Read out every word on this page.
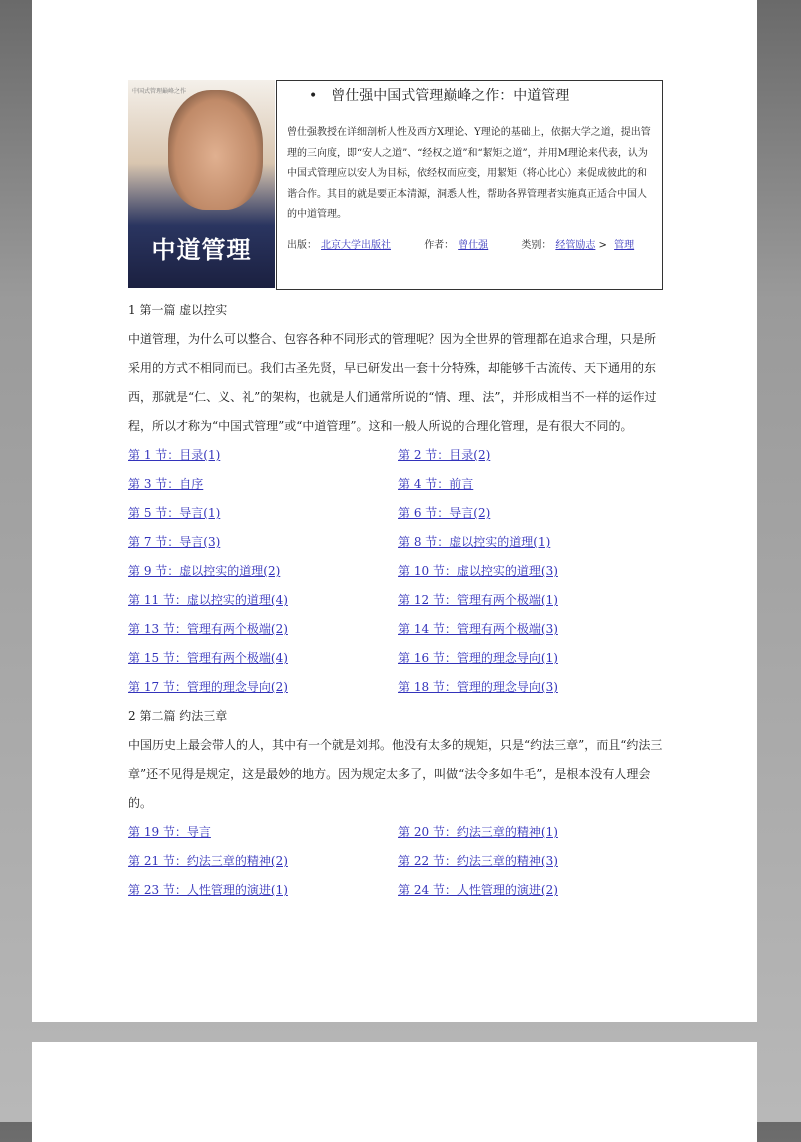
中国式管理巅峰之作
中道管理
• 曾仕强中国式管理巅峰之作：中道管理

曾仕强教授在详细剖析人性及西方X理论、Y理论的基础上，依据大学之道，提出管理的三向度，即“安人之道”、“经权之道”和“絜矩之道”，并用M理论来代表，认为中国式管理应以安人为目标，依经权而应变，用絜矩（将心比心）来促成彼此的和谐合作。其目的就是要正本清源，洞悉人性，帮助各界管理者实施真正适合中国人的中道管理。

出版： 北京大学出版社	作者： 曾仕强	类别： 经管励志 > 管理
1 第一篇 虚以控实
中道管理，为什么可以整合、包容各种不同形式的管理呢？因为全世界的管理都在追求合理，只是所采用的方式不相同而已。我们古圣先贤，早已研发出一套十分特殊，却能够千古流传、天下通用的东西，那就是“仁、义、礼”的架构，也就是人们通常所说的“情、理、法”，并形成相当不一样的运作过程，所以才称为“中国式管理”或“中道管理”。这和一般人所说的合理化管理，是有很大不同的。
第 1 节：目录(1)	第 2 节：目录(2)
第 3 节：自序	第 4 节：前言
第 5 节：导言(1)	第 6 节：导言(2)
第 7 节：导言(3)	第 8 节：虚以控实的道理(1)
第 9 节：虚以控实的道理(2)	第 10 节：虚以控实的道理(3)
第 11 节：虚以控实的道理(4)	第 12 节：管理有两个极端(1)
第 13 节：管理有两个极端(2)	第 14 节：管理有两个极端(3)
第 15 节：管理有两个极端(4)	第 16 节：管理的理念导向(1)
第 17 节：管理的理念导向(2)	第 18 节：管理的理念导向(3)
2 第二篇 约法三章
中国历史上最会带人的人，其中有一个就是刘邦。他没有太多的规矩，只是“约法三章”，而且“约法三章”还不见得是规定，这是最妙的地方。因为规定太多了，叫做“法令多如牛毛”，是根本没有人理会的。
第 19 节：导言	第 20 节：约法三章的精神(1)
第 21 节：约法三章的精神(2)	第 22 节：约法三章的精神(3)
第 23 节：人性管理的演进(1)	第 24 节：人性管理的演进(2)
